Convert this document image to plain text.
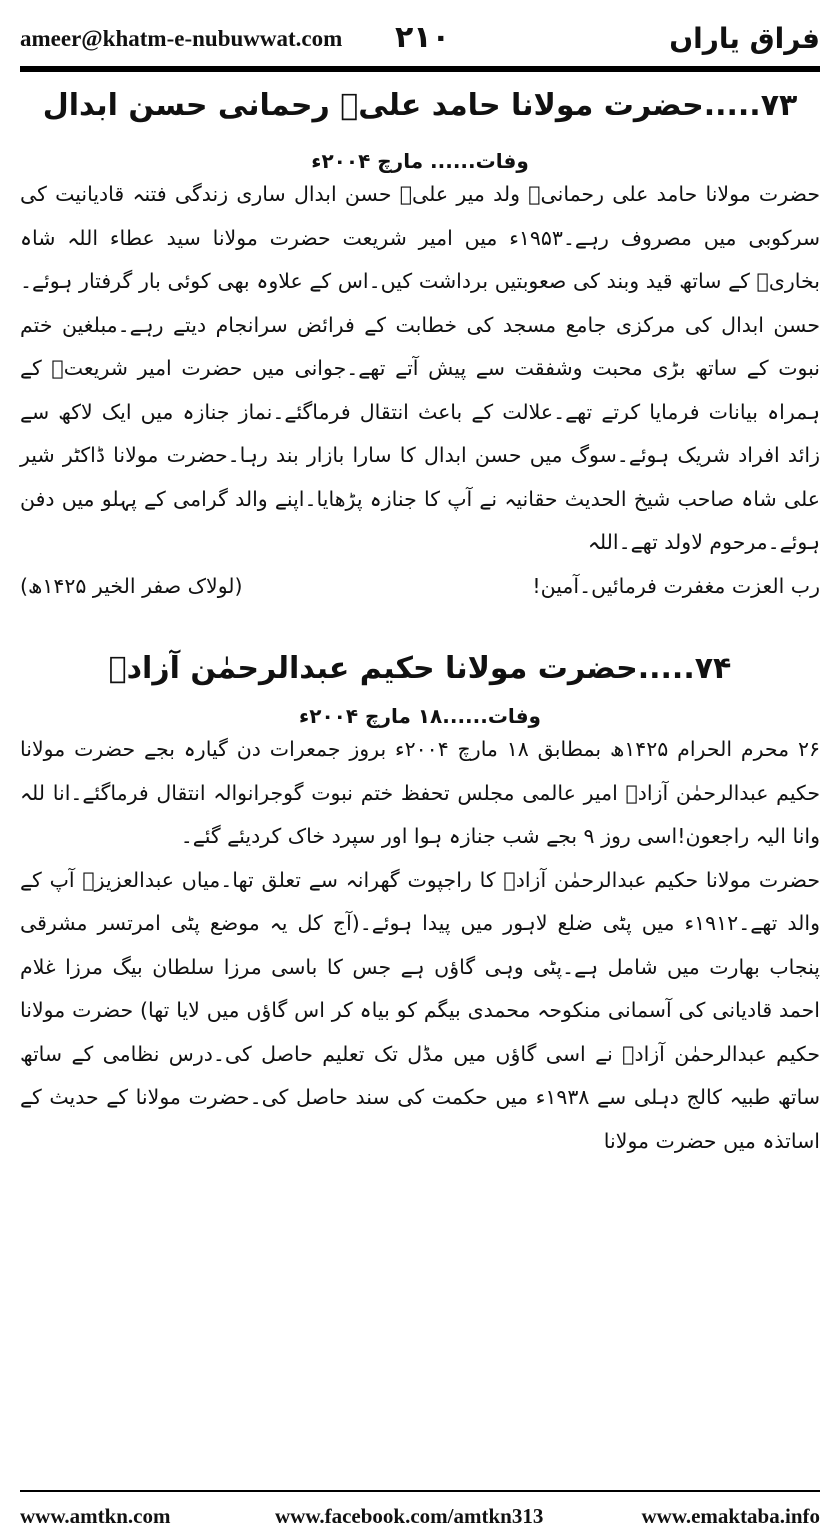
ameer@khatm-e-nubuwwat.com ۲۱۰	فراق یاراں
۷۳.....حضرت مولانا حامد علیؒ رحمانی حسن ابدال

وفات...... مارچ ۲۰۰۴ء

حضرت مولانا حامد علی رحمانیؒ ولد میر علیؒ حسن ابدال ساری زندگی فتنہ قادیانیت کی سرکوبی میں مصروف رہے۔۱۹۵۳ء میں امیر شریعت حضرت مولانا سید عطاء اللہ شاہ بخاریؒ کے ساتھ قید وبند کی صعوبتیں برداشت کیں۔اس کے علاوہ بھی کوئی بار گرفتار ہوئے۔حسن ابدال کی مرکزی جامع مسجد کی خطابت کے فرائض سرانجام دیتے رہے۔مبلغین ختم نبوت کے ساتھ بڑی محبت وشفقت سے پیش آتے تھے۔جوانی میں حضرت امیر شریعتؒ کے ہمراہ بیانات فرمایا کرتے تھے۔علالت کے باعث انتقال فرماگئے۔نماز جنازہ میں ایک لاکھ سے زائد افراد شریک ہوئے۔سوگ میں حسن ابدال کا سارا بازار بند رہا۔حضرت مولانا ڈاکٹر شیر علی شاہ صاحب شیخ الحدیث حقانیہ نے آپ کا جنازہ پڑھایا۔اپنے والد گرامی کے پہلو میں دفن ہوئے۔مرحوم لاولد تھے۔اللہ

رب العزت مغفرت فرمائیں۔آمین!
(لولاک صفر الخیر ۱۴۲۵ھ)
۷۴.....حضرت مولانا حکیم عبدالرحمٰن آزادؒ

وفات......۱۸ مارچ ۲۰۰۴ء

۲۶ محرم الحرام ۱۴۲۵ھ بمطابق ۱۸ مارچ ۲۰۰۴ء بروز جمعرات دن گیارہ بجے حضرت مولانا حکیم عبدالرحمٰن آزادؒ امیر عالمی مجلس تحفظ ختم نبوت گوجرانوالہ انتقال فرماگئے۔انا للہ وانا الیہ راجعون!اسی روز ۹ بجے شب جنازہ ہوا اور سپرد خاک کردیئے گئے۔

حضرت مولانا حکیم عبدالرحمٰن آزادؒ کا راجپوت گھرانہ سے تعلق تھا۔میاں عبدالعزیزؒ آپ کے والد تھے۔۱۹۱۲ء میں پٹی ضلع لاہور میں پیدا ہوئے۔(آج کل یہ موضع پٹی امرتسر مشرقی پنجاب بھارت میں شامل ہے۔پٹی وہی گاؤں ہے جس کا باسی مرزا سلطان بیگ مرزا غلام احمد قادیانی کی آسمانی منکوحہ محمدی بیگم کو بیاہ کر اس گاؤں میں لایا تھا) حضرت مولانا حکیم عبدالرحمٰن آزادؒ نے اسی گاؤں میں مڈل تک تعلیم حاصل کی۔درس نظامی کے ساتھ ساتھ طبیہ کالج دہلی سے ۱۹۳۸ء میں حکمت کی سند حاصل کی۔حضرت مولانا کے حدیث کے اساتذہ میں حضرت مولانا

www.amtkn.com	www.facebook.com/amtkn313	www.emaktaba.info
